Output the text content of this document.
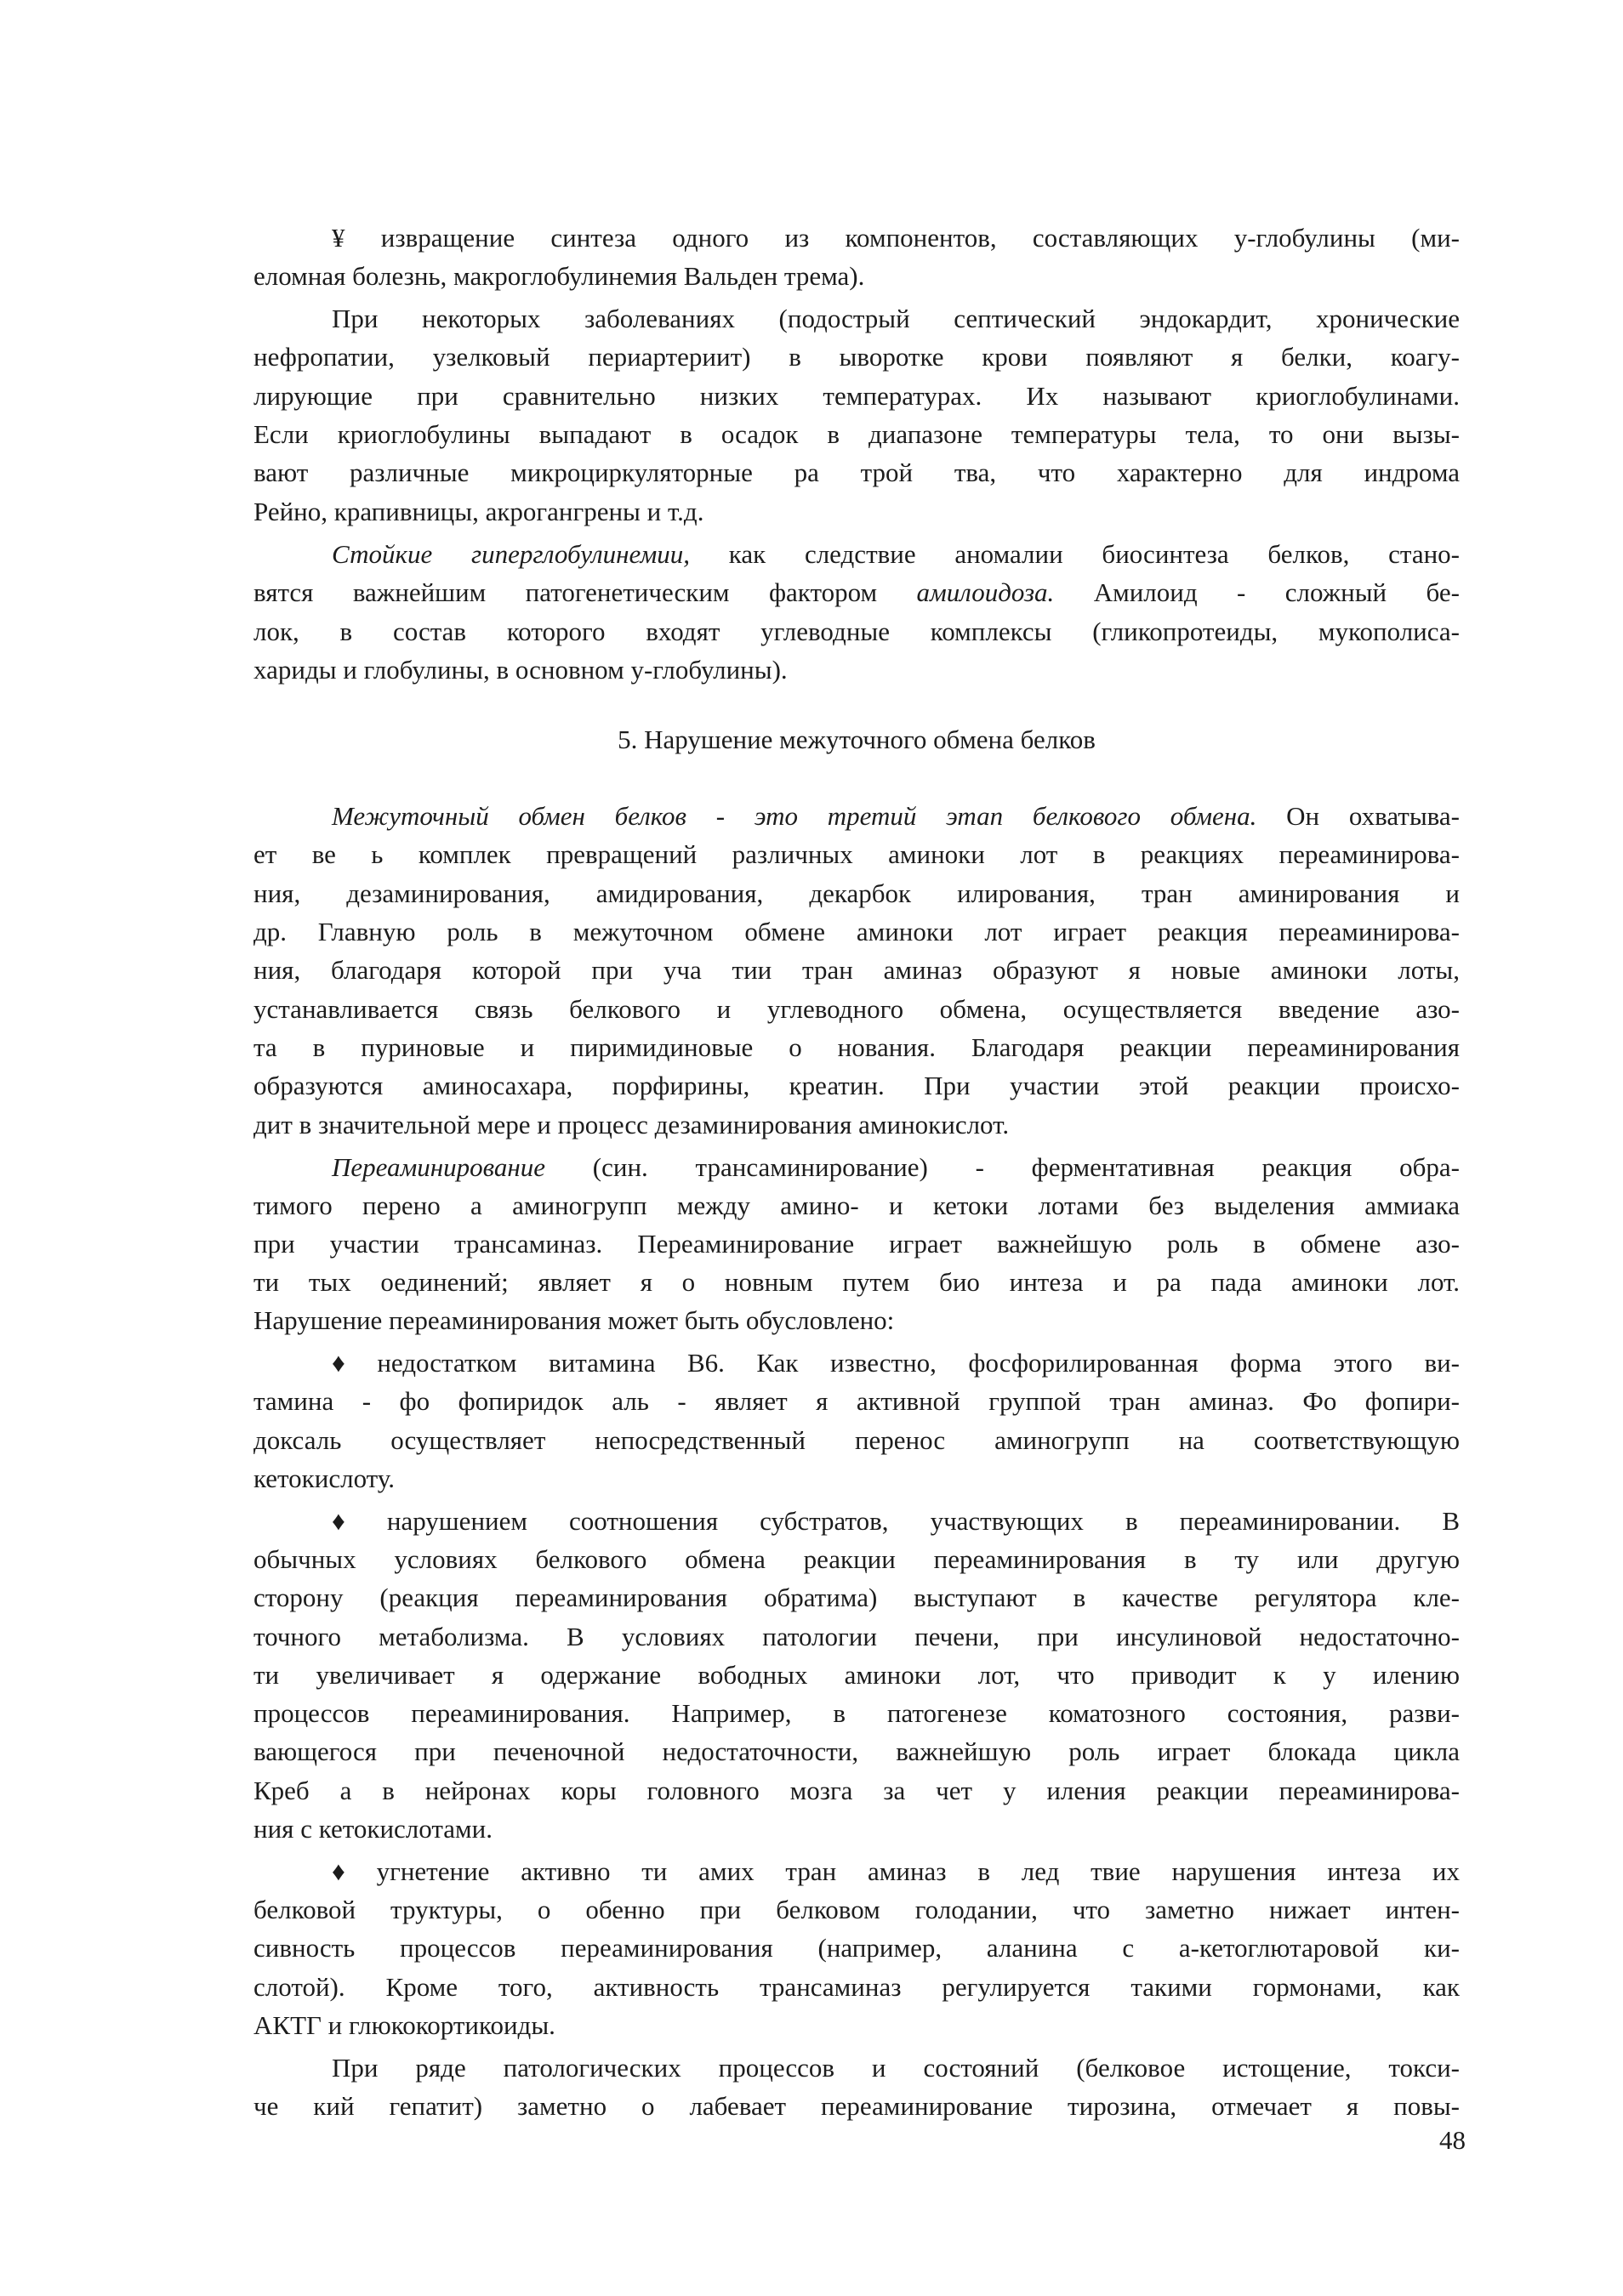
¥ извращение синтеза одного из компонентов, составляющих у-глобулины (ми-
еломная болезнь, макроглобулинемия Вальден трема).
При некоторых заболеваниях (подострый септический эндокардит, хронические
нефропатии, узелковый периартериит) в ыворотке крови появляют я белки, коагу-
лирующие при сравнительно низких температурах. Их называют криоглобулинами.
Если криоглобулины выпадают в осадок в диапазоне температуры тела, то они вызы-
вают различные микроциркуляторные ра трой тва, что характерно для индрома
Рейно, крапивницы, акрогангрены и т.д.
Стойкие гиперглобулинемии, как следствие аномалии биосинтеза белков, стано-
вятся важнейшим патогенетическим фактором амилоидоза. Амилоид - сложный бе-
лок, в состав которого входят углеводные комплексы (гликопротеиды, мукополиса-
хариды и глобулины, в основном у-глобулины).
5. Нарушение межуточного обмена белков
Межуточный обмен белков - это третий этап белкового обмена. Он охватыва-
ет ве ь комплек превращений различных аминоки лот в реакциях переаминирова-
ния, дезаминирования, амидирования, декарбок илирования, тран аминирования и
др. Главную роль в межуточном обмене аминоки лот играет реакция переаминирова-
ния, благодаря которой при уча тии тран аминаз образуют я новые аминоки лоты,
устанавливается связь белкового и углеводного обмена, осуществляется введение азо-
та в пуриновые и пиримидиновые о нования. Благодаря реакции переаминирования
образуются аминосахара, порфирины, креатин. При участии этой реакции происхо-
дит в значительной мере и процесс дезаминирования аминокислот.
Переаминирование (син. трансаминирование) - ферментативная реакция обра-
тимого перено а аминогрупп между амино- и кетоки лотами без выделения аммиака
при участии трансаминаз. Переаминирование играет важнейшую роль в обмене азо-
ти тых оединений; являет я о новным путем био интеза и ра пада аминоки лот.
Нарушение переаминирования может быть обусловлено:
♦ недостатком витамина В6. Как известно, фосфорилированная форма этого ви-
тамина - фо фопиридок аль - являет я активной группой тран аминаз. Фо фопири-
доксаль осуществляет непосредственный перенос аминогрупп на соответствующую
кетокислоту.
♦ нарушением соотношения субстратов, участвующих в переаминировании. В
обычных условиях белкового обмена реакции переаминирования в ту или другую
сторону (реакция переаминирования обратима) выступают в качестве регулятора кле-
точного метаболизма. В условиях патологии печени, при инсулиновой недостаточно-
ти увеличивает я одержание вободных аминоки лот, что приводит к у илению
процессов переаминирования. Например, в патогенезе коматозного состояния, разви-
вающегося при печеночной недостаточности, важнейшую роль играет блокада цикла
Креб а в нейронах коры головного мозга за чет у иления реакции переаминирова-
ния с кетокислотами.
♦ угнетение активно ти амих тран аминаз в лед твие нарушения интеза их
белковой труктуры, о обенно при белковом голодании, что заметно нижает интен-
сивность процессов переаминирования (например, аланина с а-кетоглютаровой ки-
слотой). Кроме того, активность трансаминаз регулируется такими гормонами, как
АКТГ и глюкокортикоиды.
При ряде патологических процессов и состояний (белковое истощение, токси-
че кий гепатит) заметно о лабевает переаминирование тирозина, отмечает я повы-
48
